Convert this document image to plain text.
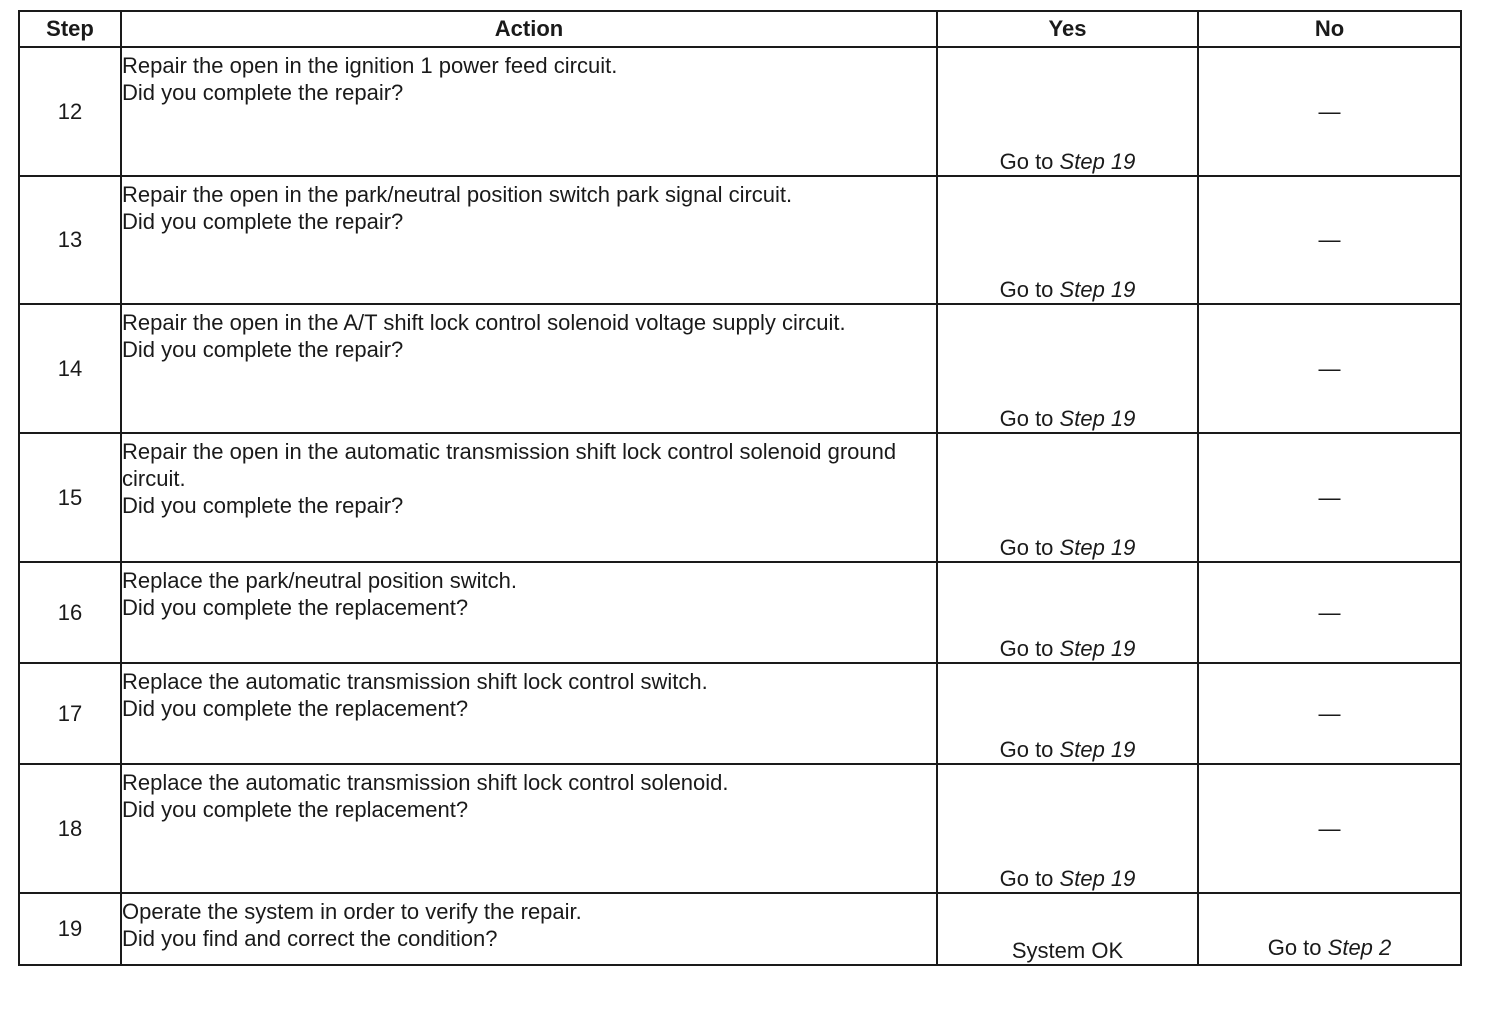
Step	Action	Yes	No
12	Repair the open in the ignition 1 power feed circuit.
Did you complete the repair?	Go to Step 19	—
13	Repair the open in the park/neutral position switch park signal circuit.
Did you complete the repair?	Go to Step 19	—
14	Repair the open in the A/T shift lock control solenoid voltage supply circuit.
Did you complete the repair?	Go to Step 19	—
15	Repair the open in the automatic transmission shift lock control solenoid ground circuit.
Did you complete the repair?	Go to Step 19	—
16	Replace the park/neutral position switch.
Did you complete the replacement?	Go to Step 19	—
17	Replace the automatic transmission shift lock control switch.
Did you complete the replacement?	Go to Step 19	—
18	Replace the automatic transmission shift lock control solenoid.
Did you complete the replacement?	Go to Step 19	—
19	Operate the system in order to verify the repair.
Did you find and correct the condition?	System OK	Go to Step 2
